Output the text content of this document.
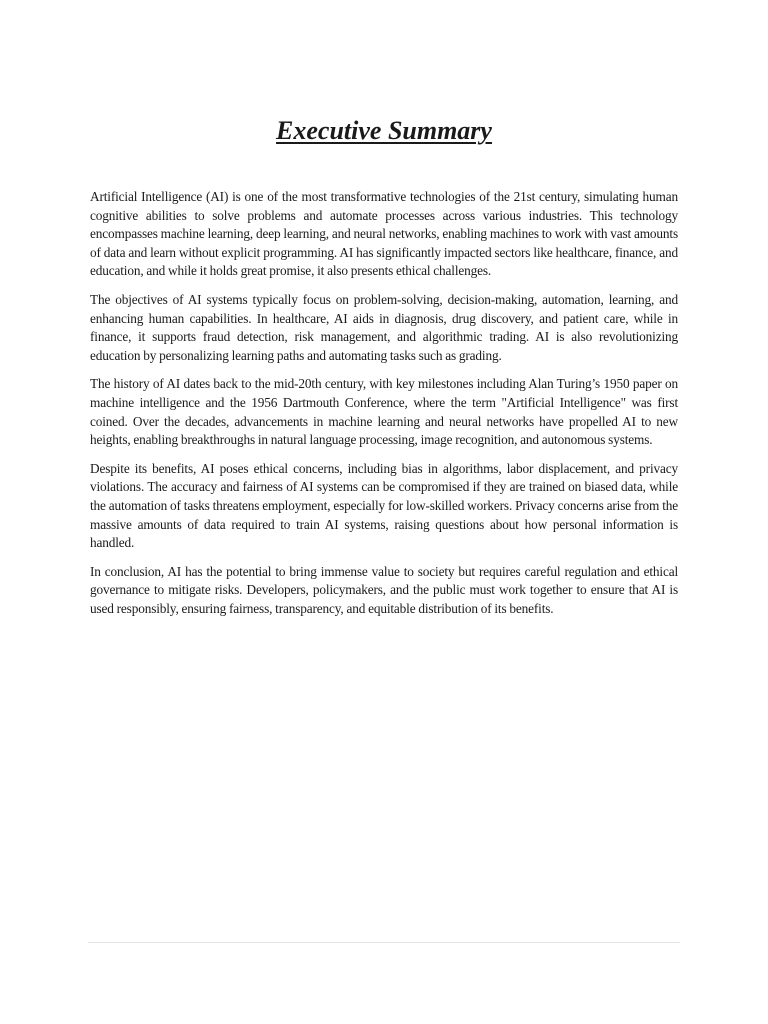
Executive Summary

Artificial Intelligence (AI) is one of the most transformative technologies of the 21st century, simulating human cognitive abilities to solve problems and automate processes across various industries. This technology encompasses machine learning, deep learning, and neural networks, enabling machines to work with vast amounts of data and learn without explicit programming. AI has significantly impacted sectors like healthcare, finance, and education, and while it holds great promise, it also presents ethical challenges.

The objectives of AI systems typically focus on problem-solving, decision-making, automation, learning, and enhancing human capabilities. In healthcare, AI aids in diagnosis, drug discovery, and patient care, while in finance, it supports fraud detection, risk management, and algorithmic trading. AI is also revolutionizing education by personalizing learning paths and automating tasks such as grading.

The history of AI dates back to the mid-20th century, with key milestones including Alan Turing’s 1950 paper on machine intelligence and the 1956 Dartmouth Conference, where the term "Artificial Intelligence" was first coined. Over the decades, advancements in machine learning and neural networks have propelled AI to new heights, enabling breakthroughs in natural language processing, image recognition, and autonomous systems.

Despite its benefits, AI poses ethical concerns, including bias in algorithms, labor displacement, and privacy violations. The accuracy and fairness of AI systems can be compromised if they are trained on biased data, while the automation of tasks threatens employment, especially for low-skilled workers. Privacy concerns arise from the massive amounts of data required to train AI systems, raising questions about how personal information is handled.

In conclusion, AI has the potential to bring immense value to society but requires careful regulation and ethical governance to mitigate risks. Developers, policymakers, and the public must work together to ensure that AI is used responsibly, ensuring fairness, transparency, and equitable distribution of its benefits.
